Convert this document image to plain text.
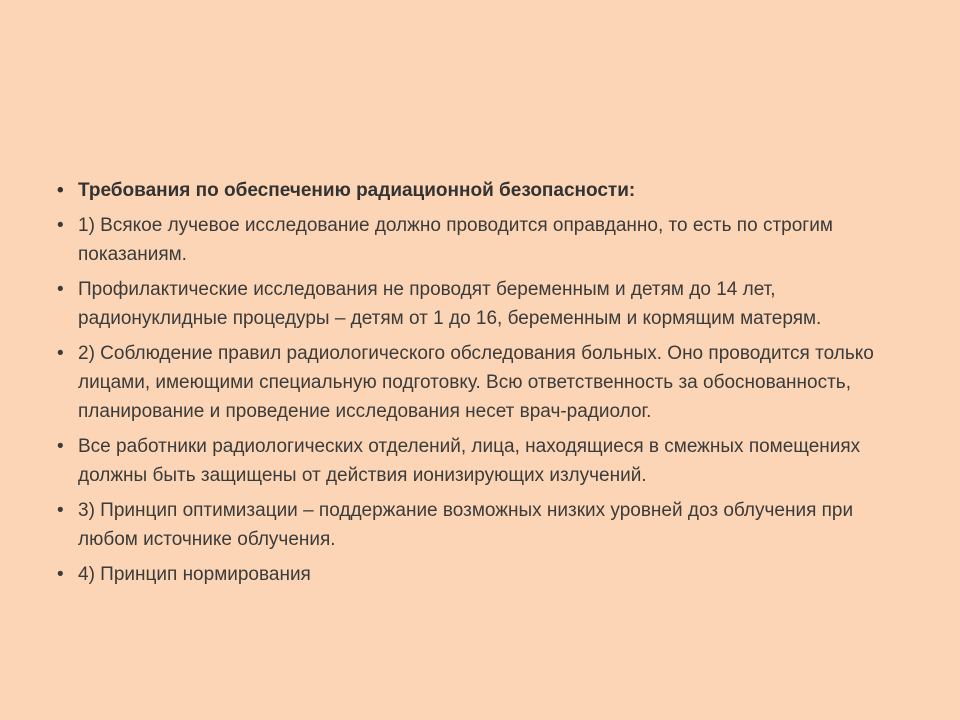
• Требования по обеспечению радиационной безопасности:
• 1) Всякое лучевое исследование должно проводится оправданно, то есть по строгим показаниям.
• Профилактические исследования не проводят беременным и детям до 14 лет, радионуклидные процедуры – детям от 1 до 16, беременным и кормящим матерям.
• 2) Соблюдение правил радиологического обследования больных. Оно проводится только лицами, имеющими специальную подготовку. Всю ответственность за обоснованность, планирование и проведение исследования несет врач-радиолог.
• Все работники радиологических отделений, лица, находящиеся в смежных помещениях должны быть защищены от действия ионизирующих излучений.
• 3) Принцип оптимизации – поддержание возможных низких уровней доз облучения при любом источнике облучения.
• 4) Принцип нормирования
